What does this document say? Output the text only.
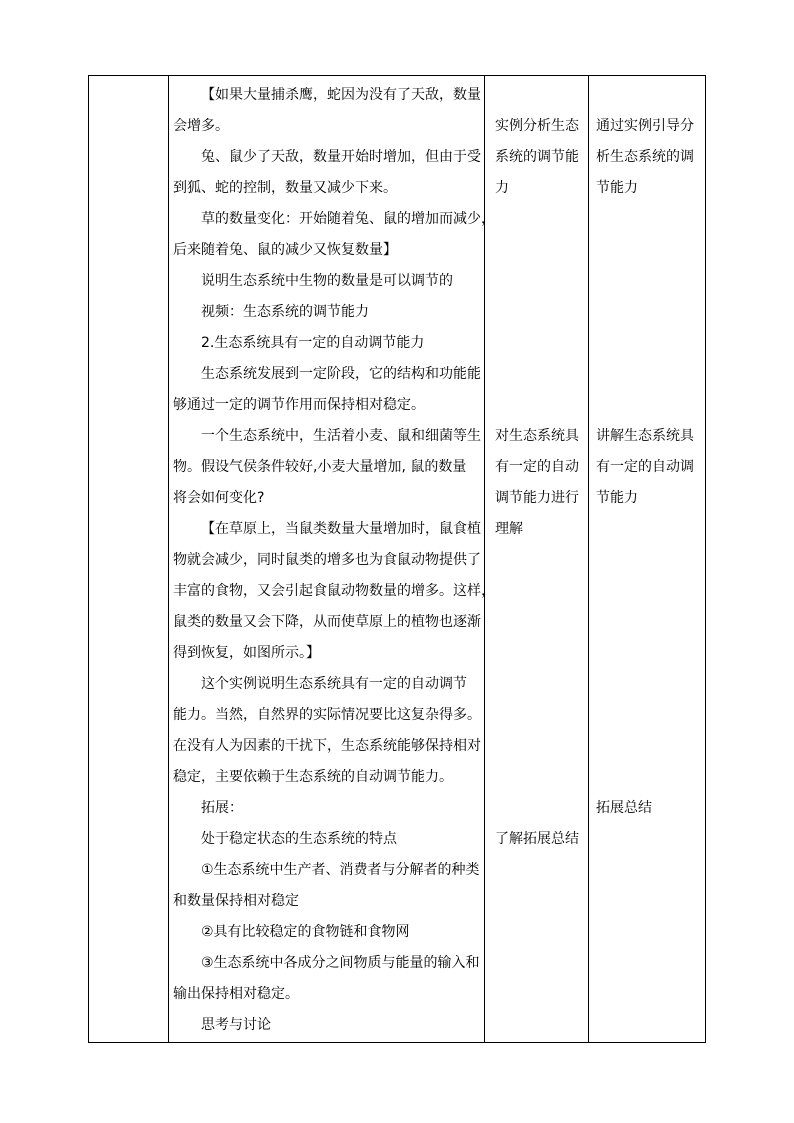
【如果大量捕杀鹰，蛇因为没有了天敌，数量
会增多。
兔、鼠少了天敌，数量开始时增加，但由于受
到狐、蛇的控制，数量又减少下来。
草的数量变化：开始随着兔、鼠的增加而减少，
后来随着兔、鼠的减少又恢复数量】
说明生态系统中生物的数量是可以调节的
视频：生态系统的调节能力
2.生态系统具有一定的自动调节能力
生态系统发展到一定阶段，它的结构和功能能
够通过一定的调节作用而保持相对稳定。
一个生态系统中，生活着小麦、鼠和细菌等生
物。假设气侯条件较好,小麦大量增加, 鼠的数量
将会如何变化?
【在草原上，当鼠类数量大量增加时，鼠食植
物就会减少，同时鼠类的增多也为食鼠动物提供了
丰富的食物，又会引起食鼠动物数量的增多。这样，
鼠类的数量又会下降，从而使草原上的植物也逐渐
得到恢复，如图所示。】
这个实例说明生态系统具有一定的自动调节
能力。当然，自然界的实际情况要比这复杂得多。
在没有人为因素的干扰下，生态系统能够保持相对
稳定，主要依赖于生态系统的自动调节能力。
拓展：
处于稳定状态的生态系统的特点
①生态系统中生产者、消费者与分解者的种类
和数量保持相对稳定
②具有比较稳定的食物链和食物网
③生态系统中各成分之间物质与能量的输入和
输出保持相对稳定。
思考与讨论
实例分析生态
系统的调节能
力
对生态系统具
有一定的自动
调节能力进行
理解
了解拓展总结
通过实例引导分
析生态系统的调
节能力
讲解生态系统具
有一定的自动调
节能力
拓展总结
